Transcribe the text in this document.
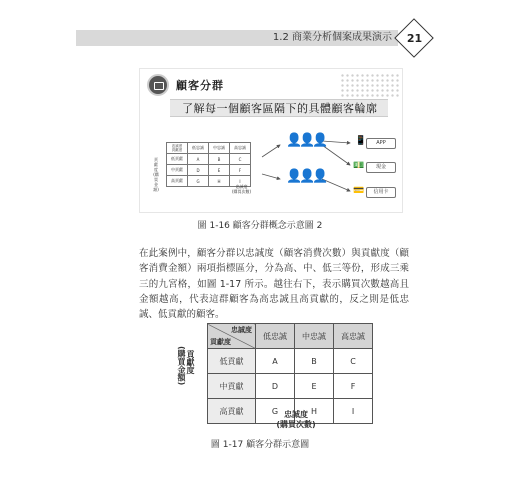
1.2 商業分析個案成果演示	21
顧客分群
了解每一個顧客區隔下的具體顧客輪廓
貢獻度(購買金額)
忠誠度
貢獻度	低忠誠	中忠誠	高忠誠
低貢獻	A	B	C
中貢獻	D	E	F
高貢獻	G	H	I
忠誠度
(購買次數)
👤👤👤
👤👤👤
📱	APP
💵	現金
💳	信用卡
圖 1-16 顧客分群概念示意圖 2
在此案例中，顧客分群以忠誠度（顧客消費次數）與貢獻度（顧客消費金額）兩項指標區分，分為高、中、低三等份，形成三乘三的九宮格，如圖 1-17 所示。越往右下，表示購買次數越高且金額越高，代表這群顧客為高忠誠且高貢獻的，反之則是低忠誠、低貢獻的顧客。
貢獻度
(購買金額)
忠誠度
貢獻度	低忠誠	中忠誠	高忠誠
低貢獻	A	B	C
中貢獻	D	E	F
高貢獻	G	H	I
忠誠度
(購買次數)
圖 1-17 顧客分群示意圖
